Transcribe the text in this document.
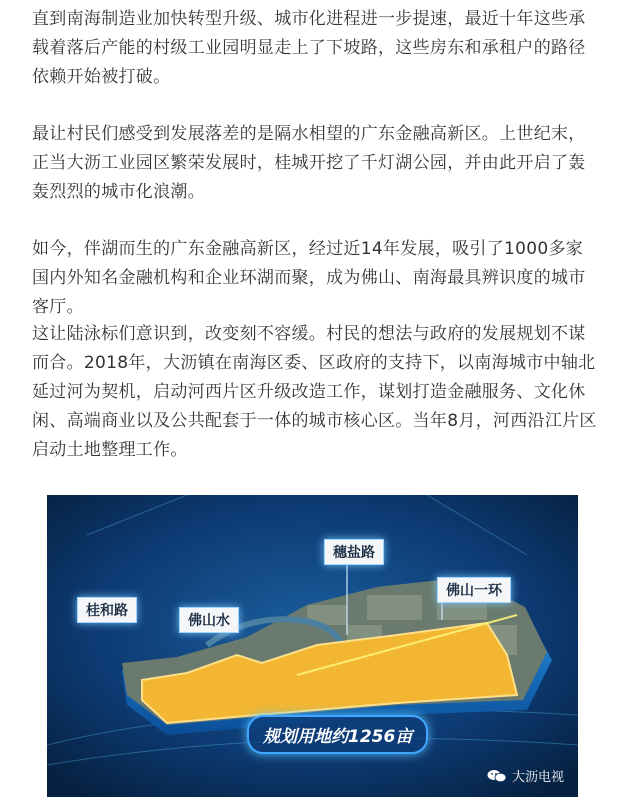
直到南海制造业加快转型升级、城市化进程进一步提速，最近十年这些承载着落后产能的村级工业园明显走上了下坡路，这些房东和承租户的路径依赖开始被打破。

最让村民们感受到发展落差的是隔水相望的广东金融高新区。上世纪末，正当大沥工业园区繁荣发展时，桂城开挖了千灯湖公园，并由此开启了轰轰烈烈的城市化浪潮。

如今，伴湖而生的广东金融高新区，经过近14年发展，吸引了1000多家国内外知名金融机构和企业环湖而聚，成为佛山、南海最具辨识度的城市客厅。

这让陆泳标们意识到，改变刻不容缓。村民的想法与政府的发展规划不谋而合。2018年，大沥镇在南海区委、区政府的支持下，以南海城市中轴北延过河为契机，启动河西片区升级改造工作，谋划打造金融服务、文化休闲、高端商业以及公共配套于一体的城市核心区。当年8月，河西沿江片区启动土地整理工作。

穗盐路
桂和路
佛山水
佛山一环
规划用地约1256亩
大沥电视
